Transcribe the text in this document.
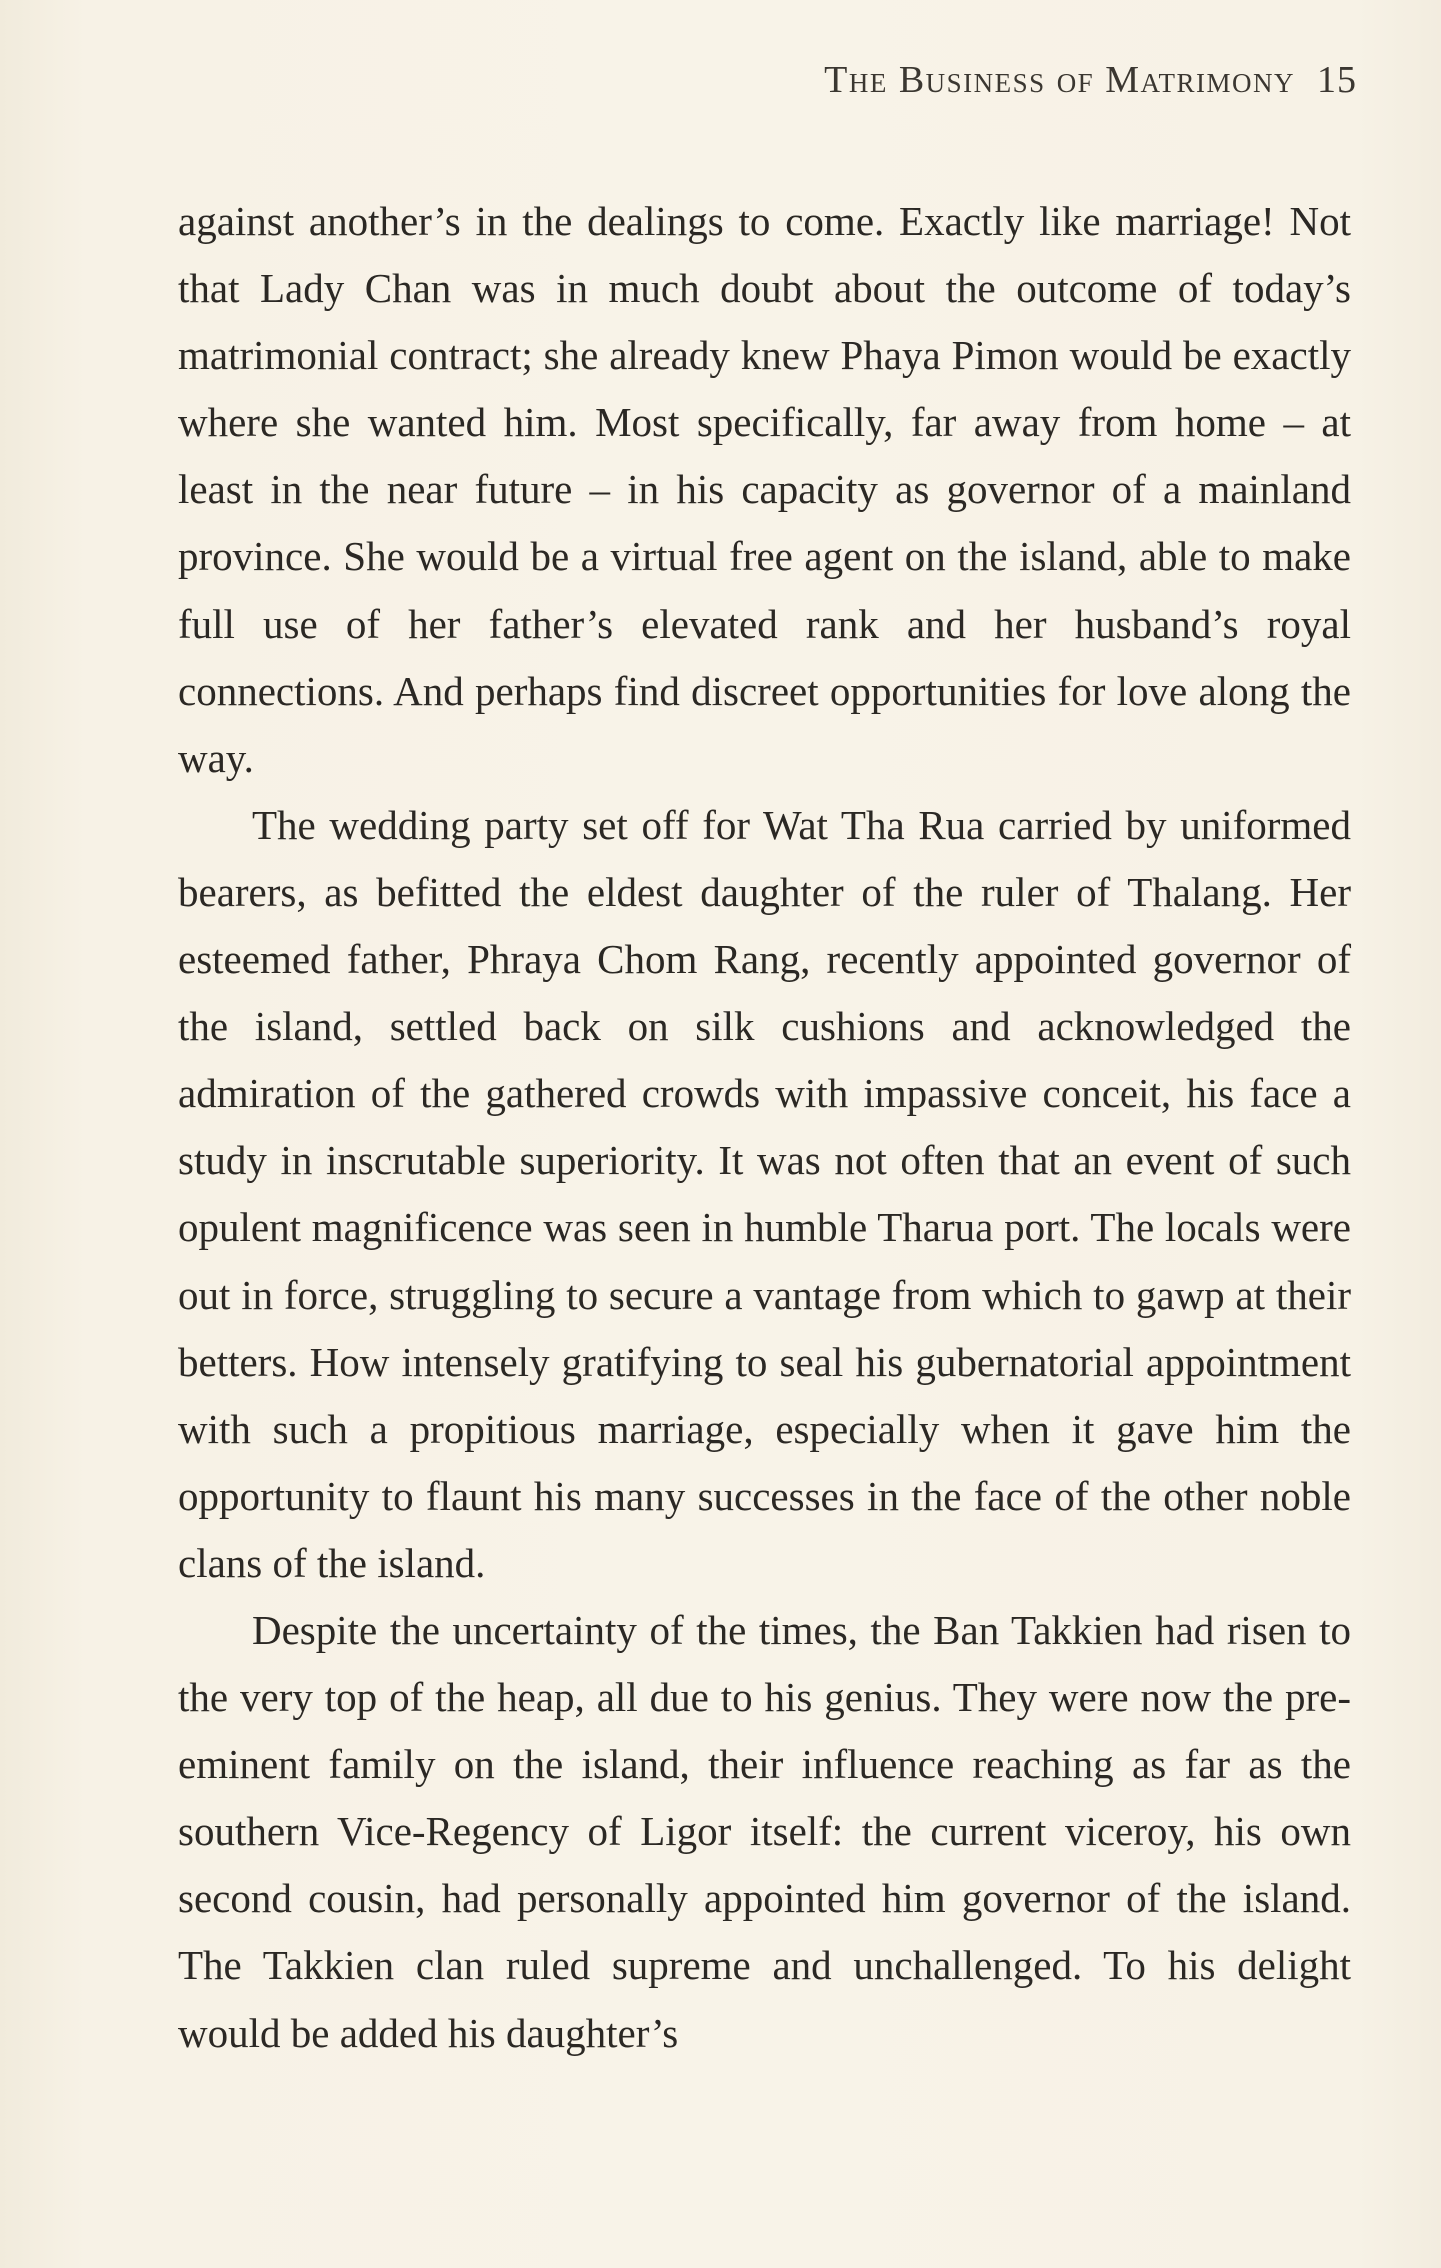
The Business of Matrimony 15

against another’s in the dealings to come. Exactly like marriage! Not that Lady Chan was in much doubt about the outcome of today’s matrimonial contract; she already knew Phaya Pimon would be exactly where she wanted him. Most specifically, far away from home – at least in the near future – in his capacity as governor of a mainland province. She would be a virtual free agent on the island, able to make full use of her father’s elevated rank and her husband’s royal connections. And perhaps find discreet opportunities for love along the way.

The wedding party set off for Wat Tha Rua carried by uniformed bearers, as befitted the eldest daughter of the ruler of Thalang. Her esteemed father, Phraya Chom Rang, recently appointed governor of the island, settled back on silk cushions and acknowledged the admiration of the gathered crowds with impassive conceit, his face a study in inscrutable superiority. It was not often that an event of such opulent magnificence was seen in humble Tharua port. The locals were out in force, struggling to secure a vantage from which to gawp at their betters. How intensely gratifying to seal his gubernatorial appointment with such a propitious marriage, especially when it gave him the opportunity to flaunt his many successes in the face of the other noble clans of the island.

Despite the uncertainty of the times, the Ban Takkien had risen to the very top of the heap, all due to his genius. They were now the pre-eminent family on the island, their influence reaching as far as the southern Vice-Regency of Ligor itself: the current viceroy, his own second cousin, had personally appointed him governor of the island. The Takkien clan ruled supreme and unchallenged. To his delight would be added his daughter’s
